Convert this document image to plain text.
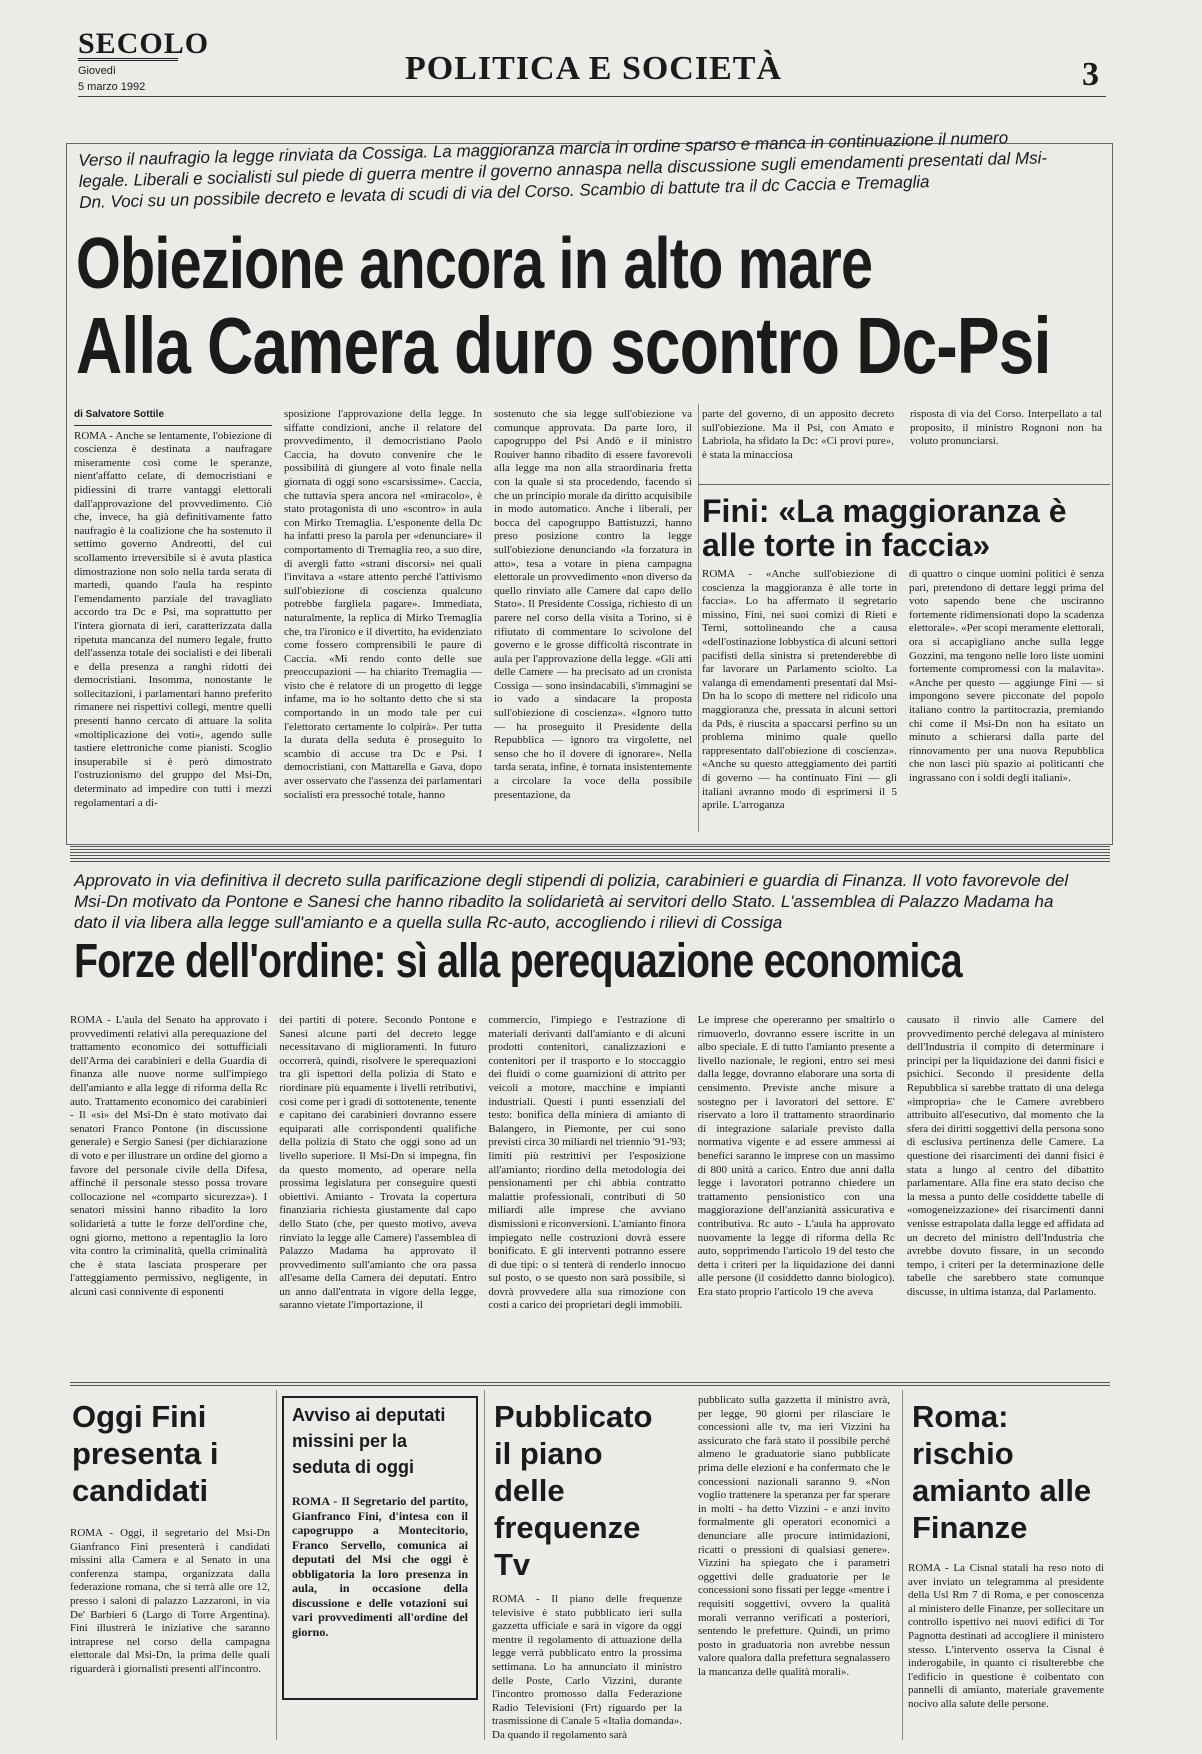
SECOLO
Giovedì
5 marzo 1992	POLITICA E SOCIETÀ	3
Verso il naufragio la legge rinviata da Cossiga. La maggioranza marcia in ordine sparso e manca in continuazione il numero legale. Liberali e socialisti sul piede di guerra mentre il governo annaspa nella discussione sugli emendamenti presentati dal Msi-Dn. Voci su un possibile decreto e levata di scudi di via del Corso. Scambio di battute tra il dc Caccia e Tremaglia
Obiezione ancora in alto mare
Alla Camera duro scontro Dc-Psi
di Salvatore Sottile

ROMA - Anche se lentamente, l'obiezione di coscienza è destinata a naufragare miseramente così come le speranze, nient'affatto celate, di democristiani e pidiessini di trarre vantaggi elettorali dall'approvazione del provvedimento. Ciò che, invece, ha già definitivamente fatto naufragio è la coalizione che ha sostenuto il settimo governo Andreotti, del cui scollamento irreversibile si è avuta plastica dimostrazione non solo nella tarda serata di martedì, quando l'aula ha respinto l'emendamento parziale del travagliato accordo tra Dc e Psi, ma soprattutto per l'intera giornata di ieri, caratterizzata dalla ripetuta mancanza del numero legale, frutto dell'assenza totale dei socialisti e dei liberali e della presenza a ranghi ridotti dei democristiani. Insomma, nonostante le sollecitazioni, i parlamentari hanno preferito rimanere nei rispettivi collegi, mentre quelli presenti hanno cercato di attuare la solita «moltiplicazione dei voti», agendo sulle tastiere elettroniche come pianisti. Scoglio insuperabile si è però dimostrato l'ostruzionismo del gruppo del Msi-Dn, determinato ad impedire con tutti i mezzi regolamentari a di-

sposizione l'approvazione della legge. In siffatte condizioni, anche il relatore del provvedimento, il democristiano Paolo Caccia, ha dovuto convenire che le possibilità di giungere al voto finale nella giornata di oggi sono «scarsissime». Caccia, che tuttavia spera ancora nel «miracolo», è stato protagonista di uno «scontro» in aula con Mirko Tremaglia. L'esponente della Dc ha infatti preso la parola per «denunciare» il comportamento di Tremaglia reo, a suo dire, di avergli fatto «strani discorsi» nei quali l'invitava a «stare attento perché l'attivismo sull'obiezione di coscienza qualcuno potrebbe fargliela pagare». Immediata, naturalmente, la replica di Mirko Tremaglia che, tra l'ironico e il divertito, ha evidenziato come fossero comprensibili le paure di Caccia. «Mi rendo conto delle sue preoccupazioni — ha chiarito Tremaglia — visto che è relatore di un progetto di legge infame, ma io ho soltanto detto che si sta comportando in un modo tale per cui l'elettorato certamente lo colpirà». Per tutta la durata della seduta è proseguito lo scambio di accuse tra Dc e Psi. I democristiani, con Mattarella e Gava, dopo aver osservato che l'assenza dei parlamentari socialisti era pressoché totale, hanno

sostenuto che sia legge sull'obiezione va comunque approvata. Da parte loro, il capogruppo del Psi Andò e il ministro Rouiver hanno ribadito di essere favorevoli alla legge ma non alla straordinaria fretta con la quale si sta procedendo, facendo sì che un principio morale da diritto acquisibile in modo automatico. Anche i liberali, per bocca del capogruppo Battistuzzi, hanno preso posizione contro la legge sull'obiezione denunciando «la forzatura in atto», tesa a votare in piena campagna elettorale un provvedimento «non diverso da quello rinviato alle Camere dal capo dello Stato». Il Presidente Cossiga, richiesto di un parere nel corso della visita a Torino, si è rifiutato di commentare lo scivolone del governo e le grosse difficoltà riscontrate in aula per l'approvazione della legge. «Gli atti delle Camere — ha precisato ad un cronista Cossiga — sono insindacabili, s'immagini se io vado a sindacare la proposta sull'obiezione di coscienza». «Ignoro tutto — ha proseguito il Presidente della Repubblica — ignoro tra virgolette, nel senso che ho il dovere di ignorare». Nella tarda serata, infine, è tornata insistentemente a circolare la voce della possibile presentazione, da

parte del governo, di un apposito decreto sull'obiezione. Ma il Psi, con Amato e Labriola, ha sfidato la Dc: «Ci provi pure», è stata la minacciosa

risposta di via del Corso. Interpellato a tal proposito, il ministro Rognoni non ha voluto pronunciarsi.

Fini: «La maggioranza è alle torte in faccia»

ROMA - «Anche sull'obiezione di coscienza la maggioranza è alle torte in faccia». Lo ha affermato il segretario missino, Fini, nei suoi comizi di Rieti e Terni, sottolineando che a causa «dell'ostinazione lobbystica di alcuni settori pacifisti della sinistra si pretenderebbe di far lavorare un Parlamento sciolto. La valanga di emendamenti presentati dal Msi-Dn ha lo scopo di mettere nel ridicolo una maggioranza che, pressata in alcuni settori da Pds, è riuscita a spaccarsi perfino su un problema minimo quale quello rappresentato dall'obiezione di coscienza». «Anche su questo atteggiamento dei partiti di governo — ha continuato Fini — gli italiani avranno modo di esprimersi il 5 aprile. L'arroganza

di quattro o cinque uomini politici è senza pari, pretendono di dettare leggi prima del voto sapendo bene che usciranno fortemente ridimensionati dopo la scadenza elettorale». «Per scopi meramente elettorali, ora si accapigliano anche sulla legge Gozzini, ma tengono nelle loro liste uomini fortemente compromessi con la malavita». «Anche per questo — aggiunge Fini — si impongono severe picconate del popolo italiano contro la partitocrazia, premiando chi come il Msi-Dn non ha esitato un minuto a schierarsi dalla parte del rinnovamento per una nuova Repubblica che non lasci più spazio ai politicanti che ingrassano con i soldi degli italiani».

Approvato in via definitiva il decreto sulla parificazione degli stipendi di polizia, carabinieri e guardia di Finanza. Il voto favorevole del Msi-Dn motivato da Pontone e Sanesi che hanno ribadito la solidarietà ai servitori dello Stato. L'assemblea di Palazzo Madama ha dato il via libera alla legge sull'amianto e a quella sulla Rc-auto, accogliendo i rilievi di Cossiga
Forze dell'ordine: sì alla perequazione economica

ROMA - L'aula del Senato ha approvato i provvedimenti relativi alla perequazione del trattamento economico dei sottufficiali dell'Arma dei carabinieri e della Guardia di finanza alle nuove norme sull'impiego dell'amianto e alla legge di riforma della Rc auto. Trattamento economico dei carabinieri - Il «sì» del Msi-Dn è stato motivato dai senatori Franco Pontone (in discussione generale) e Sergio Sanesi (per dichiarazione di voto e per illustrare un ordine del giorno a favore del personale civile della Difesa, affinché il personale stesso possa trovare collocazione nel «comparto sicurezza»). I senatori missini hanno ribadito la loro solidarietà a tutte le forze dell'ordine che, ogni giorno, mettono a repentaglio la loro vita contro la criminalità, quella criminalità che è stata lasciata prosperare per l'atteggiamento permissivo, negligente, in alcuni casi connivente di esponenti

dei partiti di potere. Secondo Pontone e Sanesi alcune parti del decreto legge necessitavano di miglioramenti. In futuro occorrerà, quindi, risolvere le sperequazioni tra gli ispettori della polizia di Stato e riordinare più equamente i livelli retributivi, così come per i gradi di sottotenente, tenente e capitano dei carabinieri dovranno essere equiparati alle corrispondenti qualifiche della polizia di Stato che oggi sono ad un livello superiore. Il Msi-Dn si impegna, fin da questo momento, ad operare nella prossima legislatura per conseguire questi obiettivi. Amianto - Trovata la copertura finanziaria richiesta giustamente dal capo dello Stato (che, per questo motivo, aveva rinviato la legge alle Camere) l'assemblea di Palazzo Madama ha approvato il provvedimento sull'amianto che ora passa all'esame della Camera dei deputati. Entro un anno dall'entrata in vigore della legge, saranno vietate l'importazione, il

commercio, l'impiego e l'estrazione di materiali derivanti dall'amianto e di alcuni prodotti contenitori, canalizzazioni e contenitori per il trasporto e lo stoccaggio dei fluidi o come guarnizioni di attrito per veicoli a motore, macchine e impianti industriali. Questi i punti essenziali del testo: bonifica della miniera di amianto di Balangero, in Piemonte, per cui sono previsti circa 30 miliardi nel triennio '91-'93; limiti più restrittivi per l'esposizione all'amianto; riordino della metodologia dei pensionamenti per chi abbia contratto malattie professionali, contributi di 50 miliardi alle imprese che avviano dismissioni e riconversioni. L'amianto finora impiegato nelle costruzioni dovrà essere bonificato. E gli interventi potranno essere di due tipi: o si tenterà di renderlo innocuo sul posto, o se questo non sarà possibile, si dovrà provvedere alla sua rimozione con costi a carico dei proprietari degli immobili.

Le imprese che opereranno per smaltirlo o rimuoverlo, dovranno essere iscritte in un albo speciale. E di tutto l'amianto presente a livello nazionale, le regioni, entro sei mesi dalla legge, dovranno elaborare una sorta di censimento. Previste anche misure a sostegno per i lavoratori del settore. E' riservato a loro il trattamento straordinario di integrazione salariale previsto dalla normativa vigente e ad essere ammessi ai benefici saranno le imprese con un massimo di 800 unità a carico. Entro due anni dalla legge i lavoratori potranno chiedere un trattamento pensionistico con una maggiorazione dell'anzianità assicurativa e contributiva. Rc auto - L'aula ha approvato nuovamente la legge di riforma della Rc auto, sopprimendo l'articolo 19 del testo che detta i criteri per la liquidazione dei danni alle persone (il cosiddetto danno biologico). Era stato proprio l'articolo 19 che aveva

causato il rinvio alle Camere del provvedimento perché delegava al ministero dell'Industria il compito di determinare i principi per la liquidazione dei danni fisici e psichici. Secondo il presidente della Repubblica si sarebbe trattato di una delega «impropria» che le Camere avrebbero attribuito all'esecutivo, dal momento che la sfera dei diritti soggettivi della persona sono di esclusiva pertinenza delle Camere. La questione dei risarcimenti dei danni fisici è stata a lungo al centro del dibattito parlamentare. Alla fine era stato deciso che la messa a punto delle cosiddette tabelle di «omogeneizzazione» dei risarcimenti danni venisse estrapolata dalla legge ed affidata ad un decreto del ministro dell'Industria che avrebbe dovuto fissare, in un secondo tempo, i criteri per la determinazione delle tabelle che sarebbero state comunque discusse, in ultima istanza, dal Parlamento.

Oggi Fini presenta i candidati
ROMA - Oggi, il segretario del Msi-Dn Gianfranco Fini presenterà i candidati missini alla Camera e al Senato in una conferenza stampa, organizzata dalla federazione romana, che si terrà alle ore 12, presso i saloni di palazzo Lazzaroni, in via De' Barbieri 6 (Largo di Torre Argentina). Fini illustrerà le iniziative che saranno intraprese nel corso della campagna elettorale dal Msi-Dn, la prima delle quali riguarderà i giornalisti presenti all'incontro.
Avviso ai deputati missini per la seduta di oggi
ROMA - Il Segretario del partito, Gianfranco Fini, d'intesa con il capogruppo a Montecitorio, Franco Servello, comunica ai deputati del Msi che oggi è obbligatoria la loro presenza in aula, in occasione della discussione e delle votazioni sui vari provvedimenti all'ordine del giorno.
Pubblicato il piano delle frequenze Tv
ROMA - Il piano delle frequenze televisive è stato pubblicato ieri sulla gazzetta ufficiale e sarà in vigore da oggi mentre il regolamento di attuazione della legge verrà pubblicato entro la prossima settimana. Lo ha annunciato il ministro delle Poste, Carlo Vizzini, durante l'incontro promosso dalla Federazione Radio Televisioni (Frt) riguardo per la trasmissione di Canale 5 «Italia domanda». Da quando il regolamento sarà
pubblicato sulla gazzetta il ministro avrà, per legge, 90 giorni per rilasciare le concessioni alle tv, ma ieri Vizzini ha assicurato che farà stato il possibile perché almeno le graduatorie siano pubblicate prima delle elezioni e ha confermato che le concessioni nazionali saranno 9. «Non voglio trattenere la speranza per far sperare in molti - ha detto Vizzini - e anzi invito formalmente gli operatori economici a denunciare alle procure intimidazioni, ricatti o pressioni di qualsiasi genere». Vizzini ha spiegato che i parametri oggettivi delle graduatorie per le concessioni sono fissati per legge «mentre i requisiti soggettivi, ovvero la qualità morali verranno verificati a posteriori, sentendo le prefetture. Quindi, un primo posto in graduatoria non avrebbe nessun valore qualora dalla prefettura segnalassero la mancanza delle qualità morali».
Roma: rischio amianto alle Finanze
ROMA - La Cisnal statali ha reso noto di aver inviato un telegramma al presidente della Usl Rm 7 di Roma, e per conoscenza al ministero delle Finanze, per sollecitare un controllo ispettivo nei nuovi edifici di Tor Pagnotta destinati ad accogliere il ministero stesso. L'intervento osserva la Cisnal è inderogabile, in quanto ci risulterebbe che l'edificio in questione è coibentato con pannelli di amianto, materiale gravemente nocivo alla salute delle persone.
